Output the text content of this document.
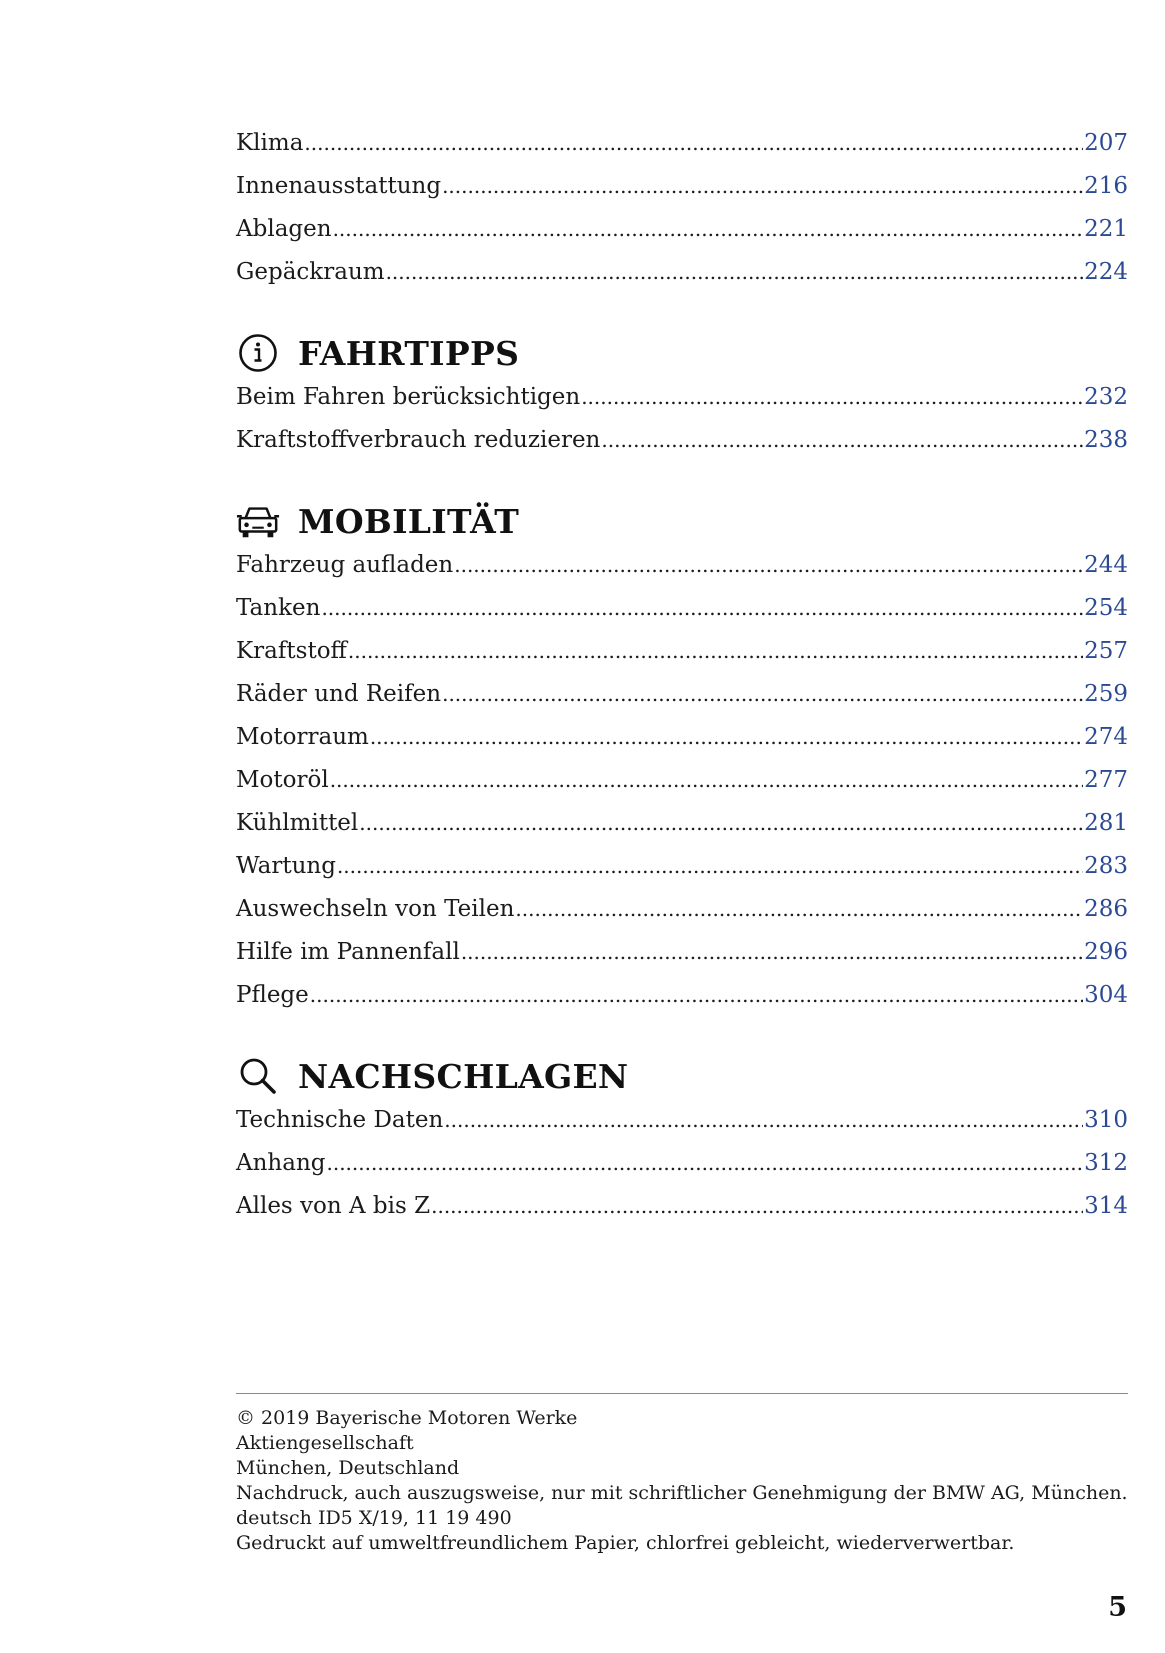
Klima .....	207
Innenausstattung .....	216
Ablagen .....	221
Gepäckraum .....	224
FAHRTIPPS
Beim Fahren berücksichtigen .....	232
Kraftstoffverbrauch reduzieren .....	238
MOBILITÄT
Fahrzeug aufladen .....	244
Tanken .....	254
Kraftstoff .....	257
Räder und Reifen .....	259
Motorraum .....	274
Motoröl .....	277
Kühlmittel .....	281
Wartung .....	283
Auswechseln von Teilen .....	286
Hilfe im Pannenfall .....	296
Pflege .....	304
NACHSCHLAGEN
Technische Daten .....	310
Anhang .....	312
Alles von A bis Z .....	314
© 2019 Bayerische Motoren Werke
Aktiengesellschaft
München, Deutschland
Nachdruck, auch auszugsweise, nur mit schriftlicher Genehmigung der BMW AG, München.
deutsch ID5 X/19, 11 19 490
Gedruckt auf umweltfreundlichem Papier, chlorfrei gebleicht, wiederverwertbar.
5
